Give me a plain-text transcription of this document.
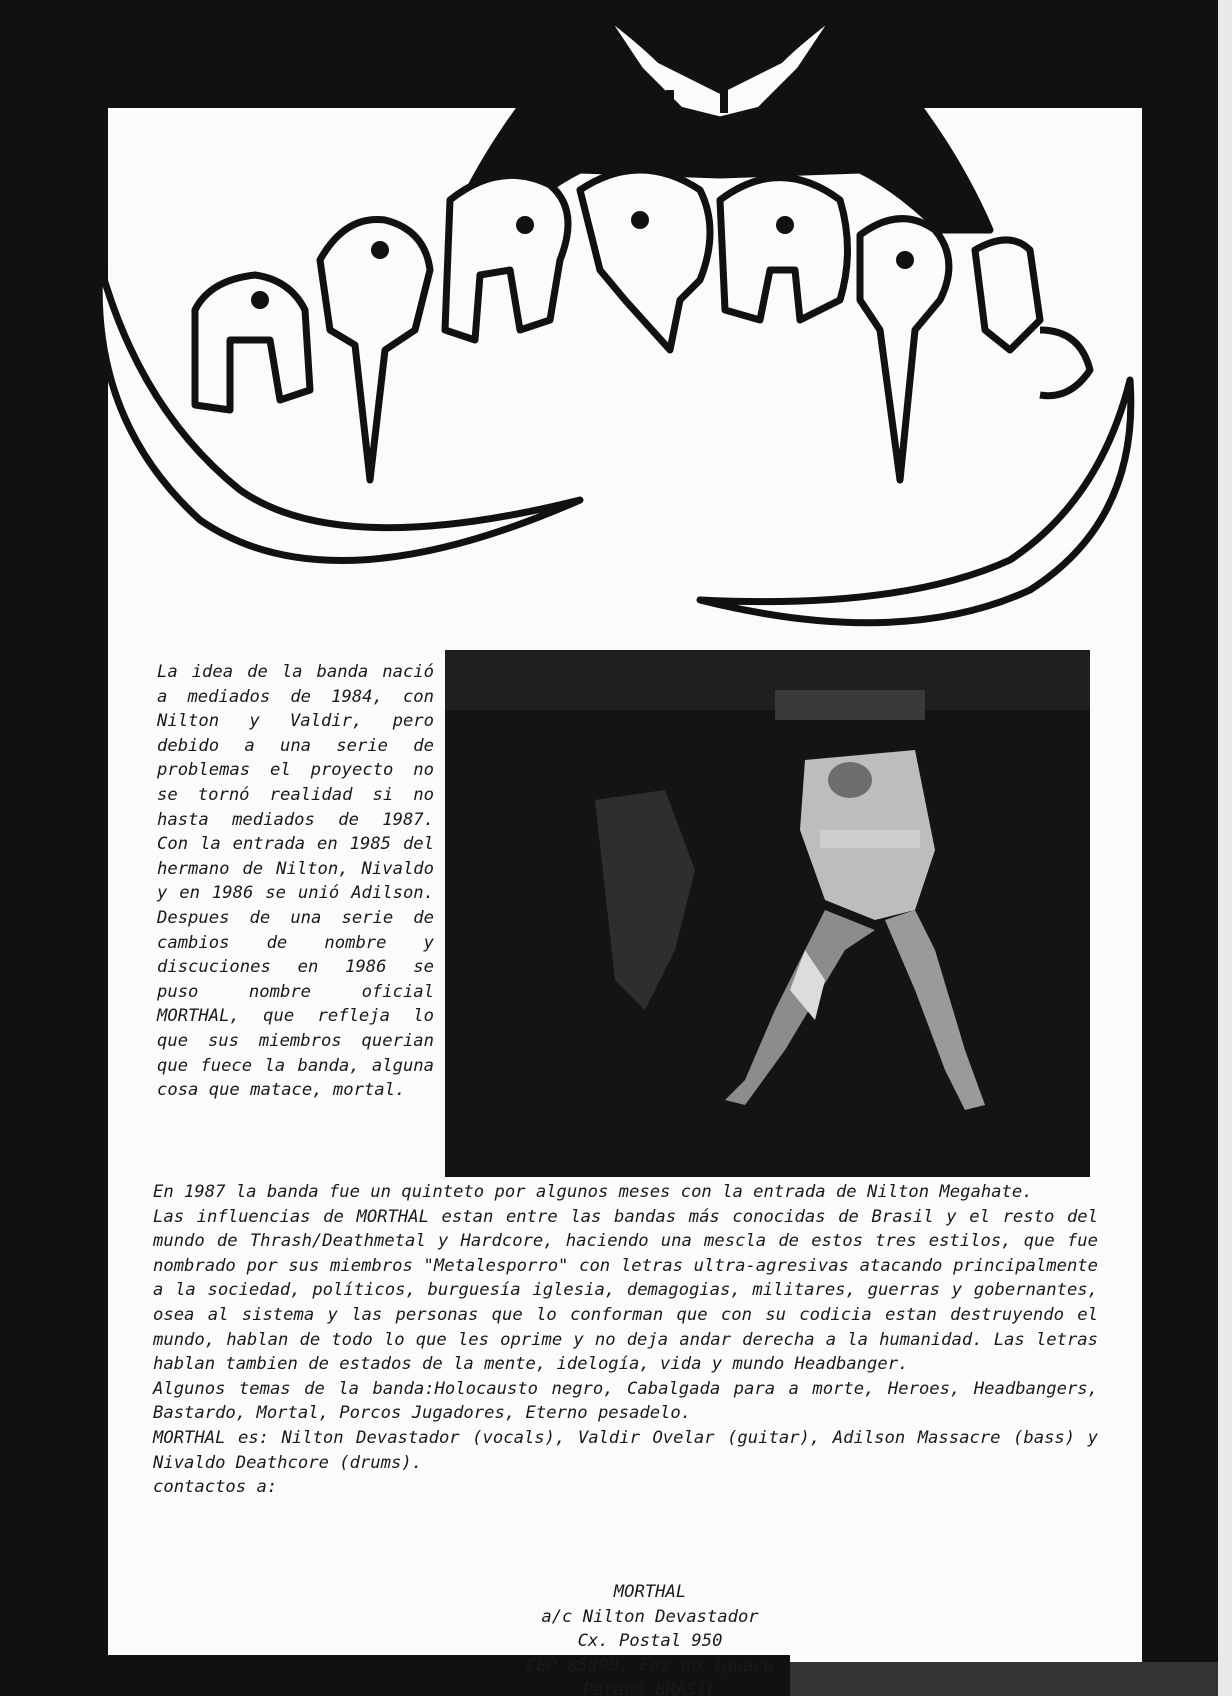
La idea de la banda nació a mediados de 1984, con Nilton y Valdir, pero debido a una serie de problemas el proyecto no se tornó realidad si no hasta mediados de 1987. Con la entrada en 1985 del hermano de Nilton, Nivaldo y en 1986 se unió Adilson. Despues de una serie de cambios de nombre y discuciones en 1986 se puso nombre oficial MORTHAL, que refleja lo que sus miembros querian que fuece la banda, alguna cosa que matace, mortal.

En 1987 la banda fue un quinteto por algunos meses con la entrada de Nilton Megahate.

Las influencias de MORTHAL estan entre las bandas más conocidas de Brasil y el resto del mundo de Thrash/Deathmetal y Hardcore, haciendo una mescla de estos tres estilos, que fue nombrado por sus miembros "Metalesporro" con letras ultra-agresivas atacando principalmente a la sociedad, políticos, burguesía iglesia, demagogias, militares, guerras y gobernantes, osea al sistema y las personas que lo conforman que con su codicia estan destruyendo el mundo, hablan de todo lo que les oprime y no deja andar derecha a la humanidad. Las letras hablan tambien de estados de la mente, idelogía, vida y mundo Headbanger.

Algunos temas de la banda:Holocausto negro, Cabalgada para a morte, Heroes, Headbangers, Bastardo, Mortal, Porcos Jugadores, Eterno pesadelo.

MORTHAL es: Nilton Devastador (vocals), Valdir Ovelar (guitar), Adilson Massacre (bass) y Nivaldo Deathcore (drums).

contactos a:

MORTHAL
a/c Nilton Devastador
Cx. Postal 950
CEP 85890, Foz do iguacu
Paraná BRASIL
